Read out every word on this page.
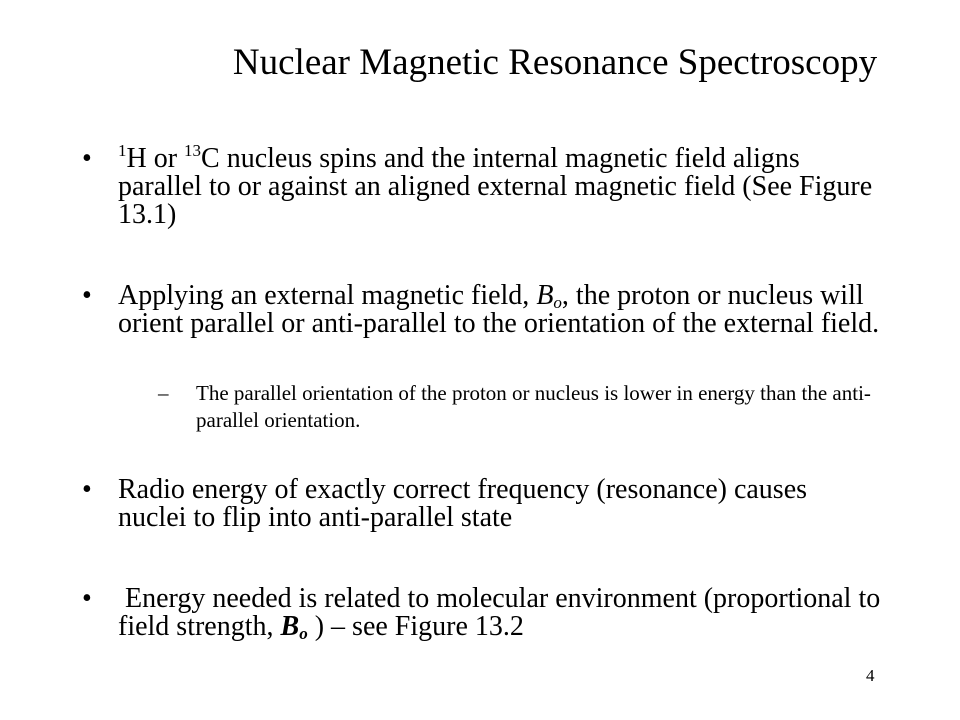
Nuclear Magnetic Resonance Spectroscopy
• $^1$H or $^{13}$C nucleus spins and the internal magnetic field aligns parallel to or against an aligned external magnetic field (See Figure 13.1)
• Applying an external magnetic field, $B_o$, the proton or nucleus will orient parallel or anti-parallel to the orientation of the external field.
– The parallel orientation of the proton or nucleus is lower in energy than the anti-parallel orientation.
• Radio energy of exactly correct frequency (resonance) causes nuclei to flip into anti-parallel state
• Energy needed is related to molecular environment (proportional to field strength, $B_o$ ) – see Figure 13.2
4
